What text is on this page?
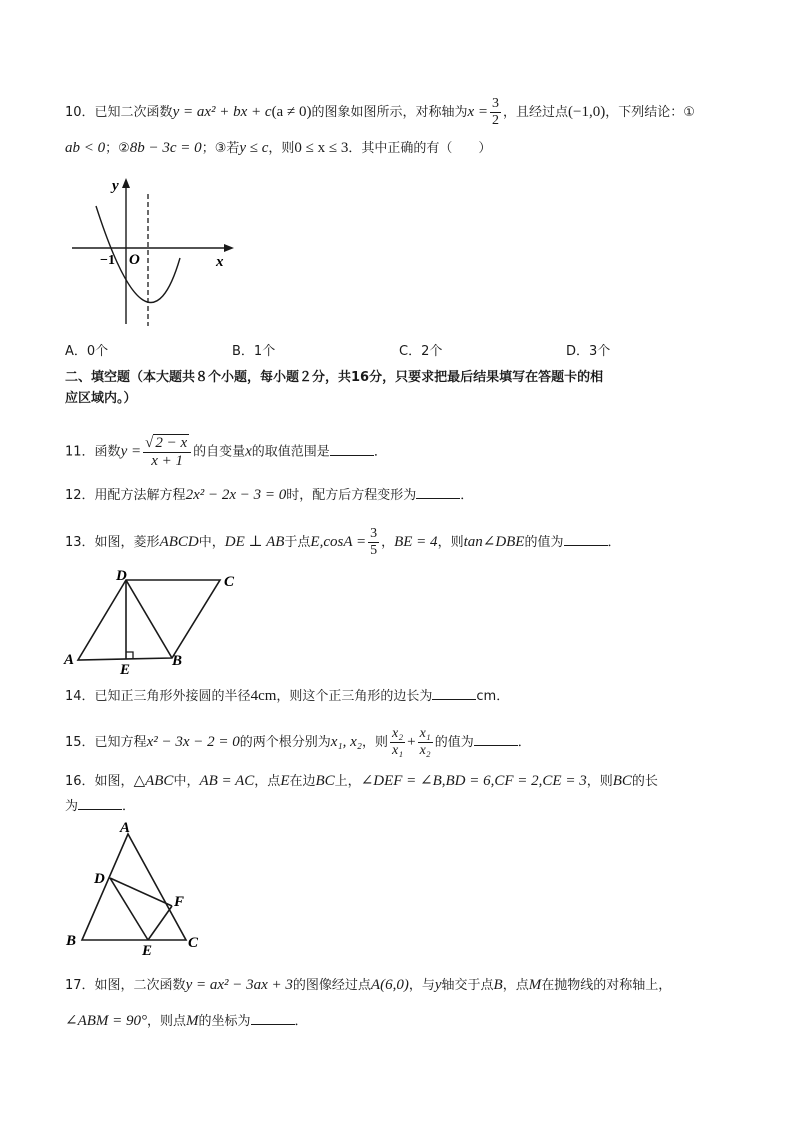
10．已知二次函数y = ax² + bx + c(a ≠ 0)的图象如图所示，对称轴为$x = \frac{3}{2}$ ，且经过点(−1,0)，下列结论：①
ab < 0；②8b − 3c = 0；③若y ≤ c，则0 ≤ x ≤ 3．其中正确的有（　　）
y
x
O
−1
A．0个	B．1个	C．2个	D．3个
二、填空题（本大题共８个小题，每小题２分，共16分，只要求把最后结果填写在答题卡的相
应区域内。）
11．函数$y = \frac{√ 2 - x}{x + 1}$ 的自变量x的取值范围是	．
12．用配方法解方程2x² − 2x − 3 = 0时，配方后方程变形为	．
13．如图，菱形ABCD中，DE ⊥ AB于点$E,\cos A = \frac{3}{5}$ ，BE = 4，则tan∠DBE的值为	．
D	C
A	B
E
14．已知正三角形外接圆的半径4cm，则这个正三角形的边长为	cm．
15．已知方程x² − 3x − 2 = 0的两个根分别为x₁, x₂，则 $\frac{\text{x₂}}{\text{x₁}} + \frac{\text{x₁}}{\text{x₂}}$ 的值为	．
16．如图，△ABC中，AB = AC，点E在边BC上，∠DEF = ∠B,BD = 6,CF = 2,CE = 3，则BC的长
为	．
A
D
F
B
E C
17．如图，二次函数y = ax² − 3ax + 3的图像经过点A(6,0)，与y轴交于点B，点M在抛物线的对称轴上，
∠ABM = 90°，则点M的坐标为	．
